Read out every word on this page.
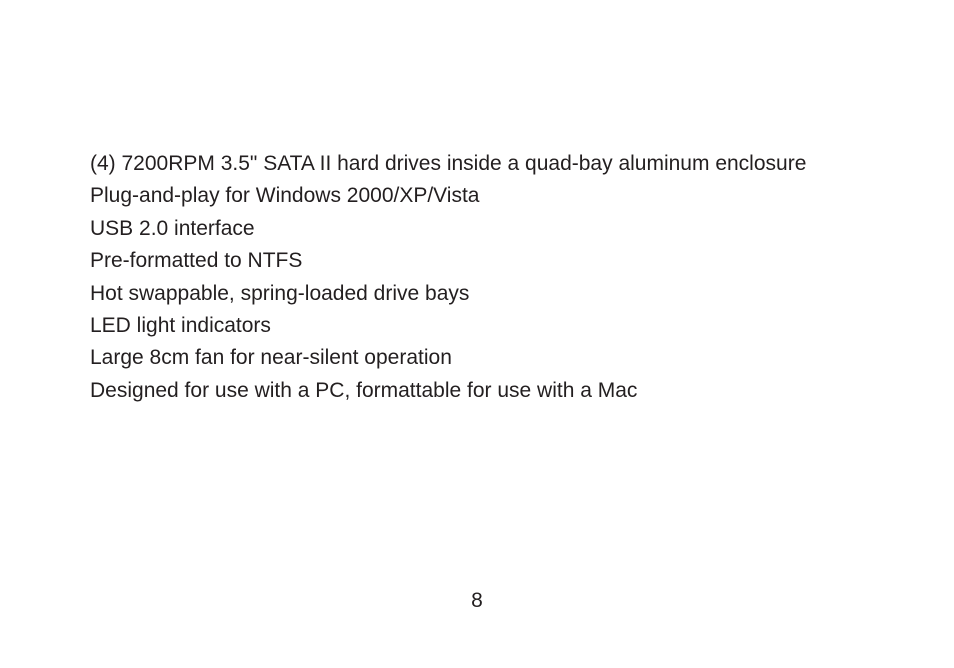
(4) 7200RPM 3.5" SATA II hard drives inside a quad-bay aluminum enclosure
Plug-and-play for Windows 2000/XP/Vista
USB 2.0 interface
Pre-formatted to NTFS
Hot swappable, spring-loaded drive bays
LED light indicators
Large 8cm fan for near-silent operation
Designed for use with a PC, formattable for use with a Mac
8
